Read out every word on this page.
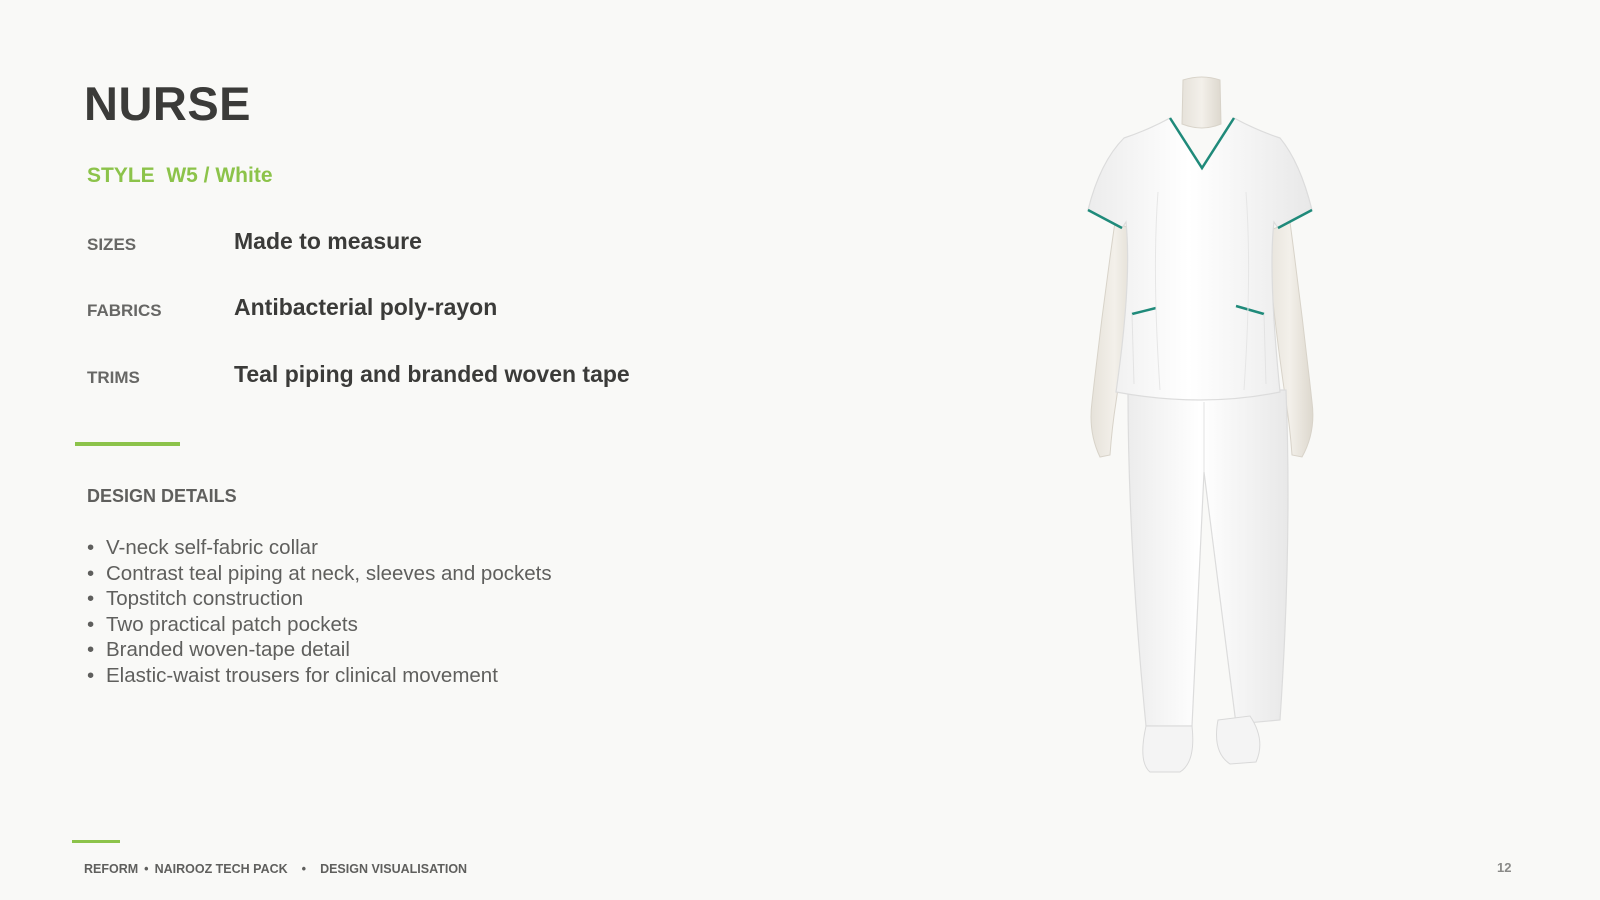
NURSE
STYLE  W5 / White
SIZES	Made to measure
FABRICS	Antibacterial poly-rayon
TRIMS	Teal piping and branded woven tape
DESIGN DETAILS
• V-neck self-fabric collar
• Contrast teal piping at neck, sleeves and pockets
• Topstitch construction
• Two practical patch pockets
• Branded woven-tape detail
• Elastic-waist trousers for clinical movement
REFORM • NAIROOZ TECH PACK • DESIGN VISUALISATION	12
